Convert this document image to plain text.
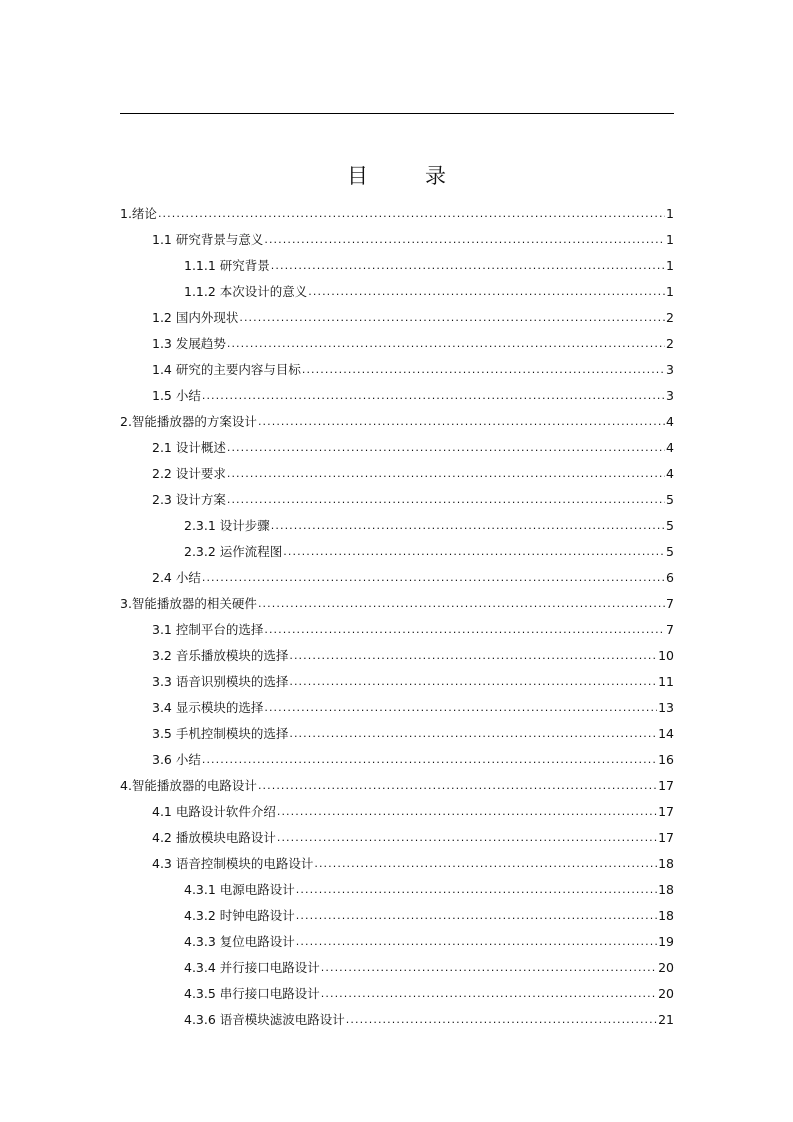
目　录
1.绪论 .....	1
1.1 研究背景与意义 .....	1
1.1.1 研究背景 .....	1
1.1.2 本次设计的意义 .....	1
1.2 国内外现状 .....	2
1.3 发展趋势 .....	2
1.4 研究的主要内容与目标 .....	3
1.5 小结 .....	3
2.智能播放器的方案设计 .....	4
2.1 设计概述 .....	4
2.2 设计要求 .....	4
2.3 设计方案 .....	5
2.3.1 设计步骤 .....	5
2.3.2 运作流程图 .....	5
2.4 小结 .....	6
3.智能播放器的相关硬件 .....	7
3.1 控制平台的选择 .....	7
3.2 音乐播放模块的选择 .....	10
3.3 语音识别模块的选择 .....	11
3.4 显示模块的选择 .....	13
3.5 手机控制模块的选择 .....	14
3.6 小结 .....	16
4.智能播放器的电路设计 .....	17
4.1 电路设计软件介绍 .....	17
4.2 播放模块电路设计 .....	17
4.3 语音控制模块的电路设计 .....	18
4.3.1 电源电路设计 .....	18
4.3.2 时钟电路设计 .....	18
4.3.3 复位电路设计 .....	19
4.3.4 并行接口电路设计 .....	20
4.3.5 串行接口电路设计 .....	20
4.3.6 语音模块滤波电路设计 .....	21
